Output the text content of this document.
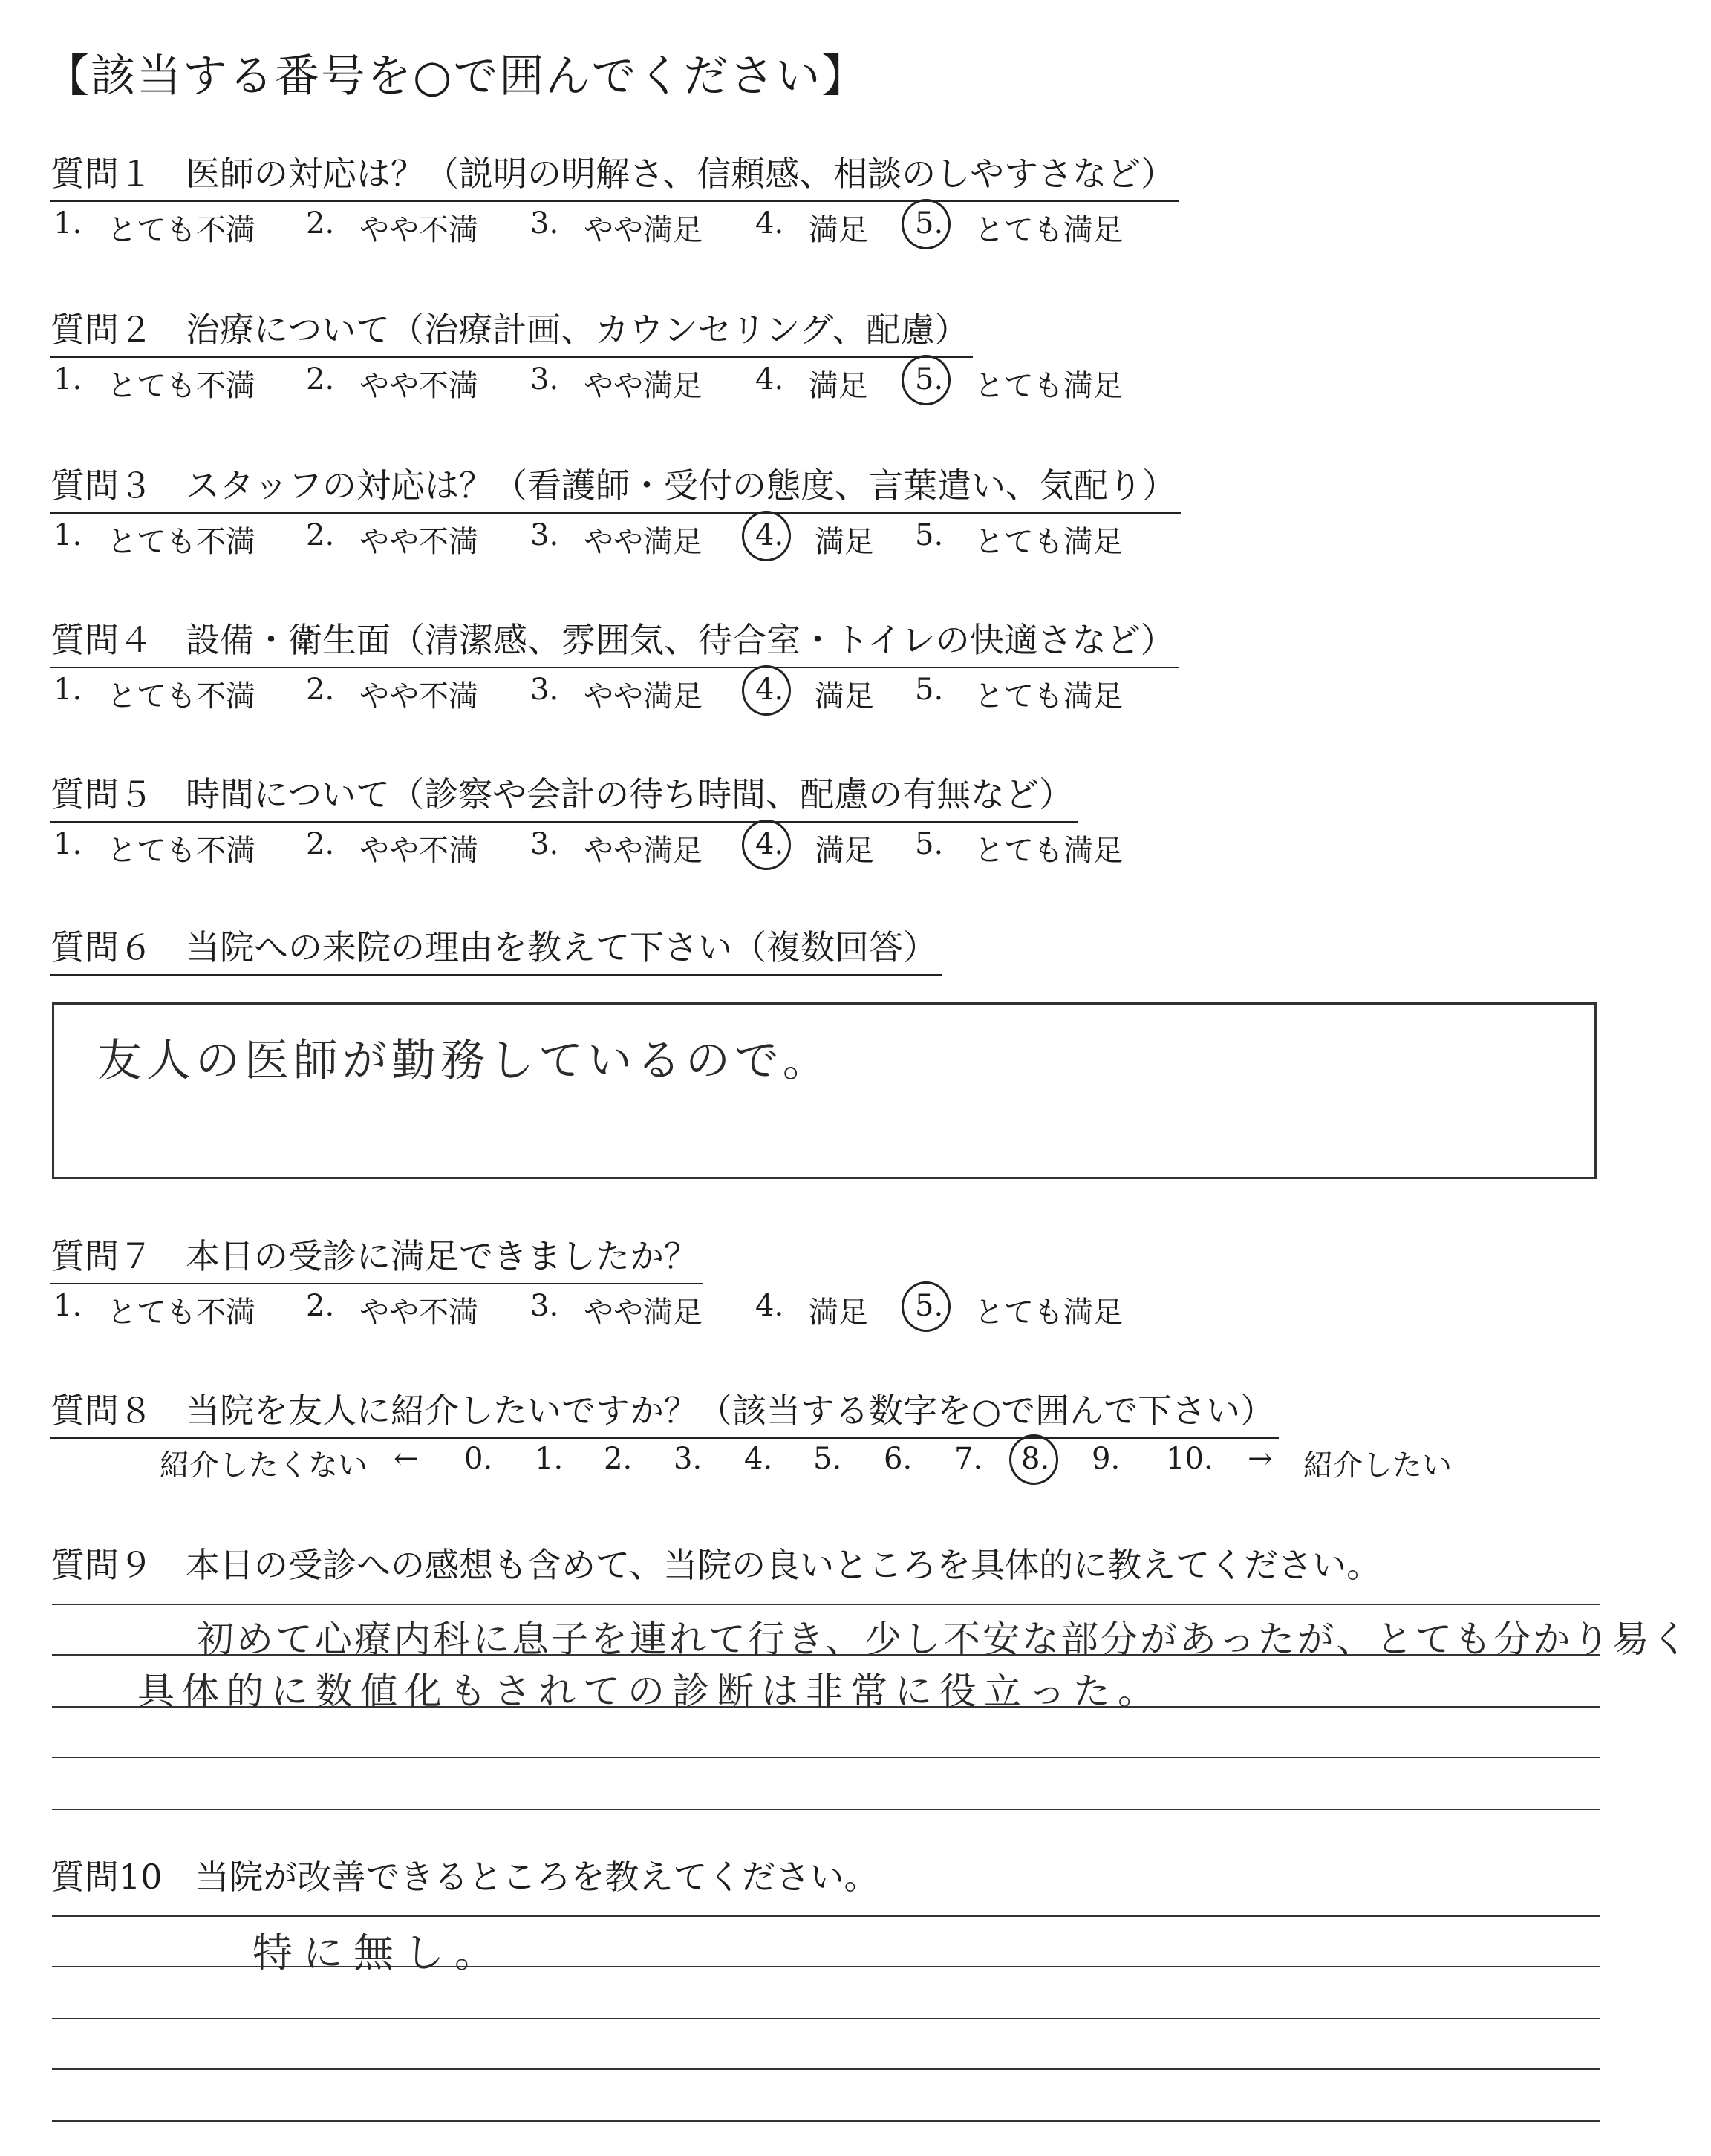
【該当する番号を○で囲んでください】
質問１ 医師の対応は？（説明の明解さ、信頼感、相談のしやすさなど）
1. とても不満 2. やや不満 3. やや満足 4. 満足 5. とても満足
質問２ 治療について（治療計画、カウンセリング、配慮）
1. とても不満 2. やや不満 3. やや満足 4. 満足 5. とても満足
質問３ スタッフの対応は？（看護師・受付の態度、言葉遣い、気配り）
1. とても不満 2. やや不満 3. やや満足 4. 満足 5. とても満足
質問４ 設備・衛生面（清潔感、雰囲気、待合室・トイレの快適さなど）
1. とても不満 2. やや不満 3. やや満足 4. 満足 5. とても満足
質問５ 時間について（診察や会計の待ち時間、配慮の有無など）
1. とても不満 2. やや不満 3. やや満足 4. 満足 5. とても満足
質問６ 当院への来院の理由を教えて下さい（複数回答）
友人の医師が勤務しているので。
質問７ 本日の受診に満足できましたか？
1. とても不満 2. やや不満 3. やや満足 4. 満足 5. とても満足
質問８ 当院を友人に紹介したいですか？（該当する数字を○で囲んで下さい）
紹介したくない ← 0. 1. 2. 3. 4. 5. 6. 7. 8. 9. 10. → 紹介したい
質問９ 本日の受診への感想も含めて、当院の良いところを具体的に教えてください。
初めて心療内科に息子を連れて行き、少し不安な部分があったが、とても分かり易く
具体的に数値化もされての診断は非常に役立った。
質問10 当院が改善できるところを教えてください。
特に無し。
